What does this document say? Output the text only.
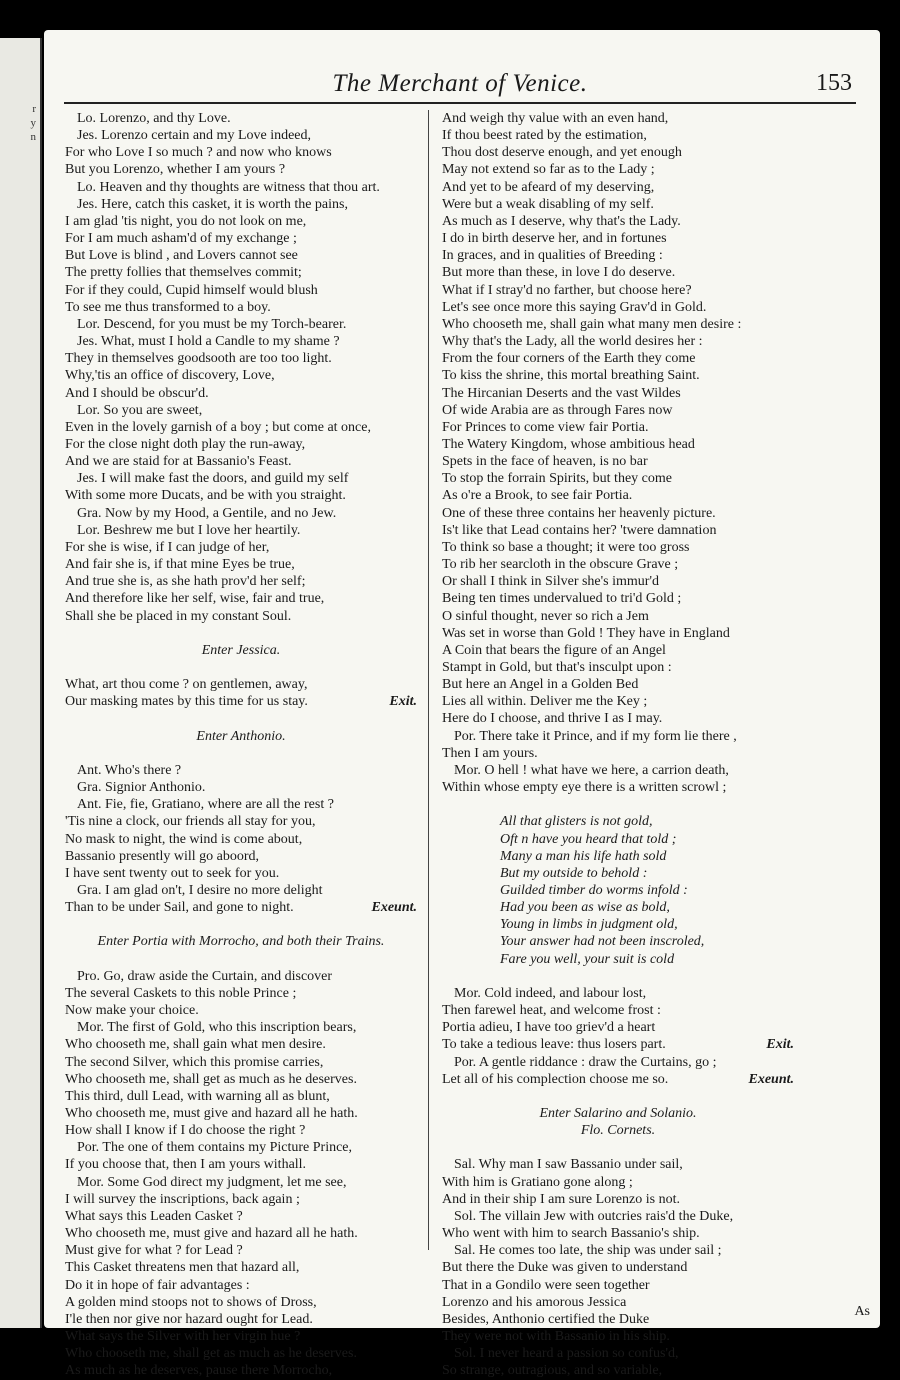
r
y
n
The Merchant of Venice.	153
Lo. Lorenzo, and thy Love.
Jes. Lorenzo certain and my Love indeed,
For who Love I so much ? and now who knows
But you Lorenzo, whether I am yours ?
Lo. Heaven and thy thoughts are witness that thou art.
Jes. Here, catch this casket, it is worth the pains,
I am glad 'tis night, you do not look on me,
For I am much asham'd of my exchange ;
But Love is blind , and Lovers cannot see
The pretty follies that themselves commit;
For if they could, Cupid himself would blush
To see me thus transformed to a boy.
Lor. Descend, for you must be my Torch-bearer.
Jes. What, must I hold a Candle to my shame ?
They in themselves goodsooth are too too light.
Why,'tis an office of discovery, Love,
And I should be obscur'd.
Lor. So you are sweet,
Even in the lovely garnish of a boy ; but come at once,
For the close night doth play the run-away,
And we are staid for at Bassanio's Feast.
Jes. I will make fast the doors, and guild my self
With some more Ducats, and be with you straight.
Gra. Now by my Hood, a Gentile, and no Jew.
Lor. Beshrew me but I love her heartily.
For she is wise, if I can judge of her,
And fair she is, if that mine Eyes be true,
And true she is, as she hath prov'd her self;
And therefore like her self, wise, fair and true,
Shall she be placed in my constant Soul.
Enter Jessica.
What, art thou come ? on gentlemen, away,
Our masking mates by this time for us stay.	Exit.
Enter Anthonio.
Ant. Who's there ?
Gra. Signior Anthonio.
Ant. Fie, fie, Gratiano, where are all the rest ?
'Tis nine a clock, our friends all stay for you,
No mask to night, the wind is come about,
Bassanio presently will go aboord,
I have sent twenty out to seek for you.
Gra. I am glad on't, I desire no more delight
Than to be under Sail, and gone to night.	Exeunt.
Enter Portia with Morrocho, and both their Trains.
Pro. Go, draw aside the Curtain, and discover
The several Caskets to this noble Prince ;
Now make your choice.
Mor. The first of Gold, who this inscription bears,
Who chooseth me, shall gain what men desire.
The second Silver, which this promise carries,
Who chooseth me, shall get as much as he deserves.
This third, dull Lead, with warning all as blunt,
Who chooseth me, must give and hazard all he hath.
How shall I know if I do choose the right ?
Por. The one of them contains my Picture Prince,
If you choose that, then I am yours withall.
Mor. Some God direct my judgment, let me see,
I will survey the inscriptions, back again ;
What says this Leaden Casket ?
Who chooseth me, must give and hazard all he hath.
Must give for what ? for Lead ?
This Casket threatens men that hazard all,
Do it in hope of fair advantages :
A golden mind stoops not to shows of Dross,
I'le then nor give nor hazard ought for Lead.
What says the Silver with her virgin hue ?
Who chooseth me, shall get as much as he deserves.
As much as he deserves, pause there Morrocho,
And weigh thy value with an even hand,
If thou beest rated by the estimation,
Thou dost deserve enough, and yet enough
May not extend so far as to the Lady ;
And yet to be afeard of my deserving,
Were but a weak disabling of my self.
As much as I deserve, why that's the Lady.
I do in birth deserve her, and in fortunes
In graces, and in qualities of Breeding :
But more than these, in love I do deserve.
What if I stray'd no farther, but choose here?
Let's see once more this saying Grav'd in Gold.
Who chooseth me, shall gain what many men desire :
Why that's the Lady, all the world desires her :
From the four corners of the Earth they come
To kiss the shrine, this mortal breathing Saint.
The Hircanian Deserts and the vast Wildes
Of wide Arabia are as through Fares now
For Princes to come view fair Portia.
The Watery Kingdom, whose ambitious head
Spets in the face of heaven, is no bar
To stop the forrain Spirits, but they come
As o're a Brook, to see fair Portia.
One of these three contains her heavenly picture.
Is't like that Lead contains her? 'twere damnation
To think so base a thought; it were too gross
To rib her searcloth in the obscure Grave ;
Or shall I think in Silver she's immur'd
Being ten times undervalued to tri'd Gold ;
O sinful thought, never so rich a Jem
Was set in worse than Gold ! They have in England
A Coin that bears the figure of an Angel
Stampt in Gold, but that's insculpt upon :
But here an Angel in a Golden Bed
Lies all within. Deliver me the Key ;
Here do I choose, and thrive I as I may.
Por. There take it Prince, and if my form lie there ,
Then I am yours.
Mor. O hell ! what have we here, a carrion death,
Within whose empty eye there is a written scrowl ;
All that glisters is not gold,
Oft n have you heard that told ;
Many a man his life hath sold
But my outside to behold :
Guilded timber do worms infold :
Had you been as wise as bold,
Young in limbs in judgment old,
Your answer had not been inscroled,
Fare you well, your suit is cold
Mor. Cold indeed, and labour lost,
Then farewel heat, and welcome frost :
Portia adieu, I have too griev'd a heart
To take a tedious leave: thus losers part.	Exit.
Por. A gentle riddance : draw the Curtains, go ;
Let all of his complection choose me so.	Exeunt.
Enter Salarino and Solanio.
Flo. Cornets.
Sal. Why man I saw Bassanio under sail,
With him is Gratiano gone along ;
And in their ship I am sure Lorenzo is not.
Sol. The villain Jew with outcries rais'd the Duke,
Who went with him to search Bassanio's ship.
Sal. He comes too late, the ship was under sail ;
But there the Duke was given to understand
That in a Gondilo were seen together
Lorenzo and his amorous Jessica
Besides, Anthonio certified the Duke
They were not with Bassanio in his ship.
Sol. I never heard a passion so confus'd,
So strange, outragious, and so variable,
As
